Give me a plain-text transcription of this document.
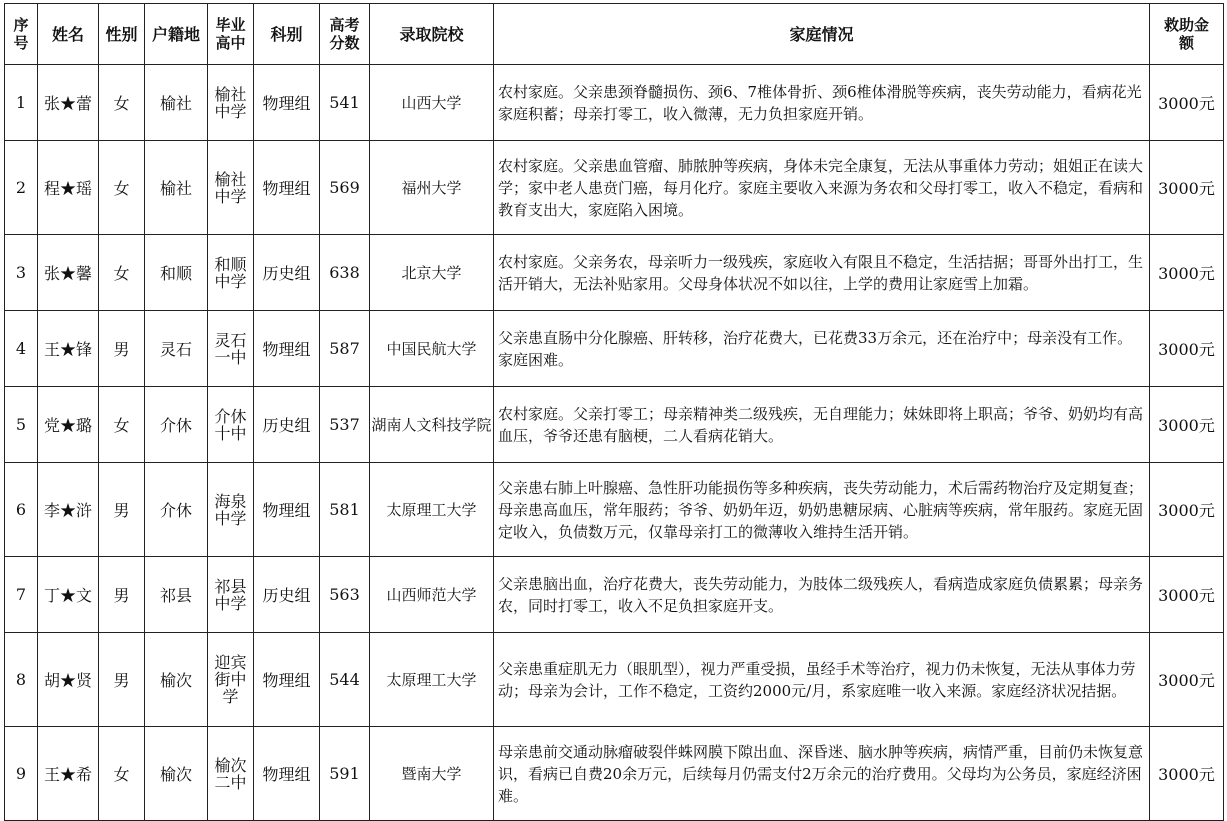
序号	姓名	性别	户籍地	毕业高中	科别	高考分数	录取院校	家庭情况	救助金额

1	张★蕾	女	榆社	榆社中学	物理组	541	山西大学	农村家庭。父亲患颈脊髓损伤、颈6、7椎体骨折、颈6椎体滑脱等疾病，丧失劳动能力，看病花光家庭积蓄；母亲打零工，收入微薄，无力负担家庭开销。	3000元
2	程★瑶	女	榆社	榆社中学	物理组	569	福州大学	农村家庭。父亲患血管瘤、肺脓肿等疾病，身体未完全康复，无法从事重体力劳动；姐姐正在读大学；家中老人患贲门癌，每月化疗。家庭主要收入来源为务农和父母打零工，收入不稳定，看病和教育支出大，家庭陷入困境。	3000元
3	张★馨	女	和顺	和顺中学	历史组	638	北京大学	农村家庭。父亲务农，母亲听力一级残疾，家庭收入有限且不稳定，生活拮据；哥哥外出打工，生活开销大，无法补贴家用。父母身体状况不如以往，上学的费用让家庭雪上加霜。	3000元
4	王★锋	男	灵石	灵石一中	物理组	587	中国民航大学	父亲患直肠中分化腺癌、肝转移，治疗花费大，已花费33万余元，还在治疗中；母亲没有工作。家庭困难。	3000元
5	党★璐	女	介休	介休十中	历史组	537	湖南人文科技学院	农村家庭。父亲打零工；母亲精神类二级残疾，无自理能力；妹妹即将上职高；爷爷、奶奶均有高血压，爷爷还患有脑梗，二人看病花销大。	3000元
6	李★浒	男	介休	海泉中学	物理组	581	太原理工大学	父亲患右肺上叶腺癌、急性肝功能损伤等多种疾病，丧失劳动能力，术后需药物治疗及定期复查；母亲患高血压，常年服药；爷爷、奶奶年迈，奶奶患糖尿病、心脏病等疾病，常年服药。家庭无固定收入，负债数万元，仅靠母亲打工的微薄收入维持生活开销。	3000元
7	丁★文	男	祁县	祁县中学	历史组	563	山西师范大学	父亲患脑出血，治疗花费大，丧失劳动能力，为肢体二级残疾人，看病造成家庭负债累累；母亲务农，同时打零工，收入不足负担家庭开支。	3000元
8	胡★贤	男	榆次	迎宾街中学	物理组	544	太原理工大学	父亲患重症肌无力（眼肌型），视力严重受损，虽经手术等治疗，视力仍未恢复，无法从事体力劳动；母亲为会计，工作不稳定，工资约2000元/月，系家庭唯一收入来源。家庭经济状况拮据。	3000元
9	王★希	女	榆次	榆次二中	物理组	591	暨南大学	母亲患前交通动脉瘤破裂伴蛛网膜下隙出血、深昏迷、脑水肿等疾病，病情严重，目前仍未恢复意识，看病已自费20余万元，后续每月仍需支付2万余元的治疗费用。父母均为公务员，家庭经济困难。	3000元
